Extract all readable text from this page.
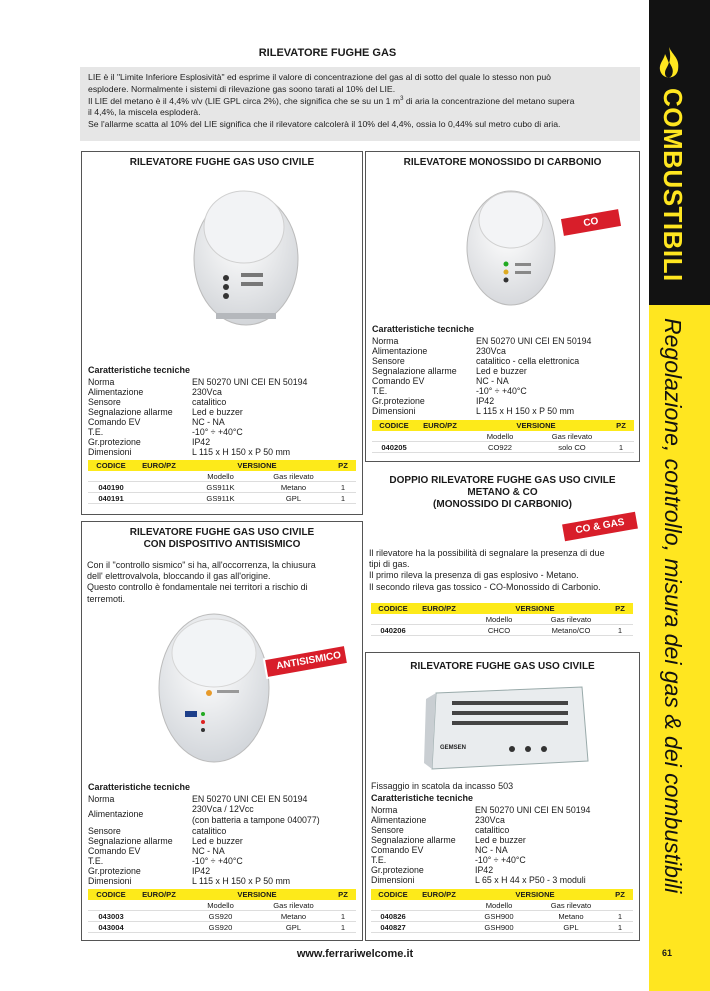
COMBUSTIBILI
Regolazione, controllo, misura dei gas & dei combustibili
RILEVATORE FUGHE GAS
LIE è il "Limite Inferiore Esplosività" ed esprime il valore di concentrazione del gas al di sotto del quale lo stesso non può
esplodere. Normalmente i sistemi di rilevazione gas soono tarati al 10% del LIE.
Il LIE del metano è il 4,4% v/v (LIE GPL circa 2%), che significa che se su un 1 $m^3$ di aria la concentrazione del metano supera
il 4,4%, la miscela esploderà.
Se l'allarme scatta al 10% del LIE significa che il rilevatore calcolerà il 10% del 4,4%, ossia lo 0,44% sul metro cubo di aria.
RILEVATORE FUGHE GAS USO CIVILE
Caratteristiche tecniche
Norma	EN 50270 UNI CEI EN 50194
Alimentazione	230Vca
Sensore	catalitico
Segnalazione allarme Led e buzzer
Comando EV	NC - NA
T.E.	-10° ÷ +40°C
Gr.protezione	IP42
Dimensioni	L 115 x H 150 x P 50 mm
CODICE	EURO/PZ	VERSIONE	PZ
Modello	Gas rilevato
040190	GS911K	Metano	1
040191	GS911K	GPL	1
RILEVATORE MONOSSIDO DI CARBONIO
CO
Caratteristiche tecniche
Norma	EN 50270 UNI CEI EN 50194
Alimentazione	230Vca
Sensore	catalitico - cella elettronica
Segnalazione allarme Led e buzzer
Comando EV	NC - NA
T.E.	-10° ÷ +40°C
Gr.protezione	IP42
Dimensioni	L 115 x H 150 x P 50 mm
CODICE	EURO/PZ	VERSIONE	PZ
Modello	Gas rilevato
040205	CO922	solo CO	1
DOPPIO RILEVATORE FUGHE GAS USO CIVILE
METANO & CO
(MONOSSIDO DI CARBONIO)
CO & GAS
Il rilevatore ha la possibilità di segnalare la presenza di due
tipi di gas.
Il primo rileva la presenza di gas esplosivo - Metano.
Il secondo rileva gas tossico - CO-Monossido di Carbonio.
CODICE	EURO/PZ	VERSIONE	PZ
Modello	Gas rilevato
040206	CHCO	Metano/CO	1
RILEVATORE FUGHE GAS USO CIVILE
CON DISPOSITIVO ANTISISMICO
Con il "controllo sismico" si ha, all'occorrenza, la chiusura
dell' elettrovalvola, bloccando il gas all'origine.
Questo controllo è fondamentale nei territori a rischio di
terremoti.
ANTISISMICO
Caratteristiche tecniche
Norma	EN 50270 UNI CEI EN 50194
Alimentazione	230Vca / 12Vcc
(con batteria a tampone 040077)
Sensore	catalitico
Segnalazione allarme Led e buzzer
Comando EV	NC - NA
T.E.	-10° ÷ +40°C
Gr.protezione	IP42
Dimensioni	L 115 x H 150 x P 50 mm
CODICE	EURO/PZ	VERSIONE	PZ
Modello	Gas rilevato
043003	GS920	Metano	1
043004	GS920	GPL	1
RILEVATORE FUGHE GAS USO CIVILE
GEMSEN
Fissaggio in scatola da incasso 503
Caratteristiche tecniche
Norma	EN 50270 UNI CEI EN 50194
Alimentazione	230Vca
Sensore	catalitico
Segnalazione allarme Led e buzzer
Comando EV	NC - NA
T.E.	-10° ÷ +40°C
Gr.protezione	IP42
Dimensioni	L 65 x H 44 x P50 - 3 moduli
CODICE	EURO/PZ	VERSIONE	PZ
Modello	Gas rilevato
040826	GSH900	Metano	1
040827	GSH900	GPL	1
www.ferrariwelcome.it	61
